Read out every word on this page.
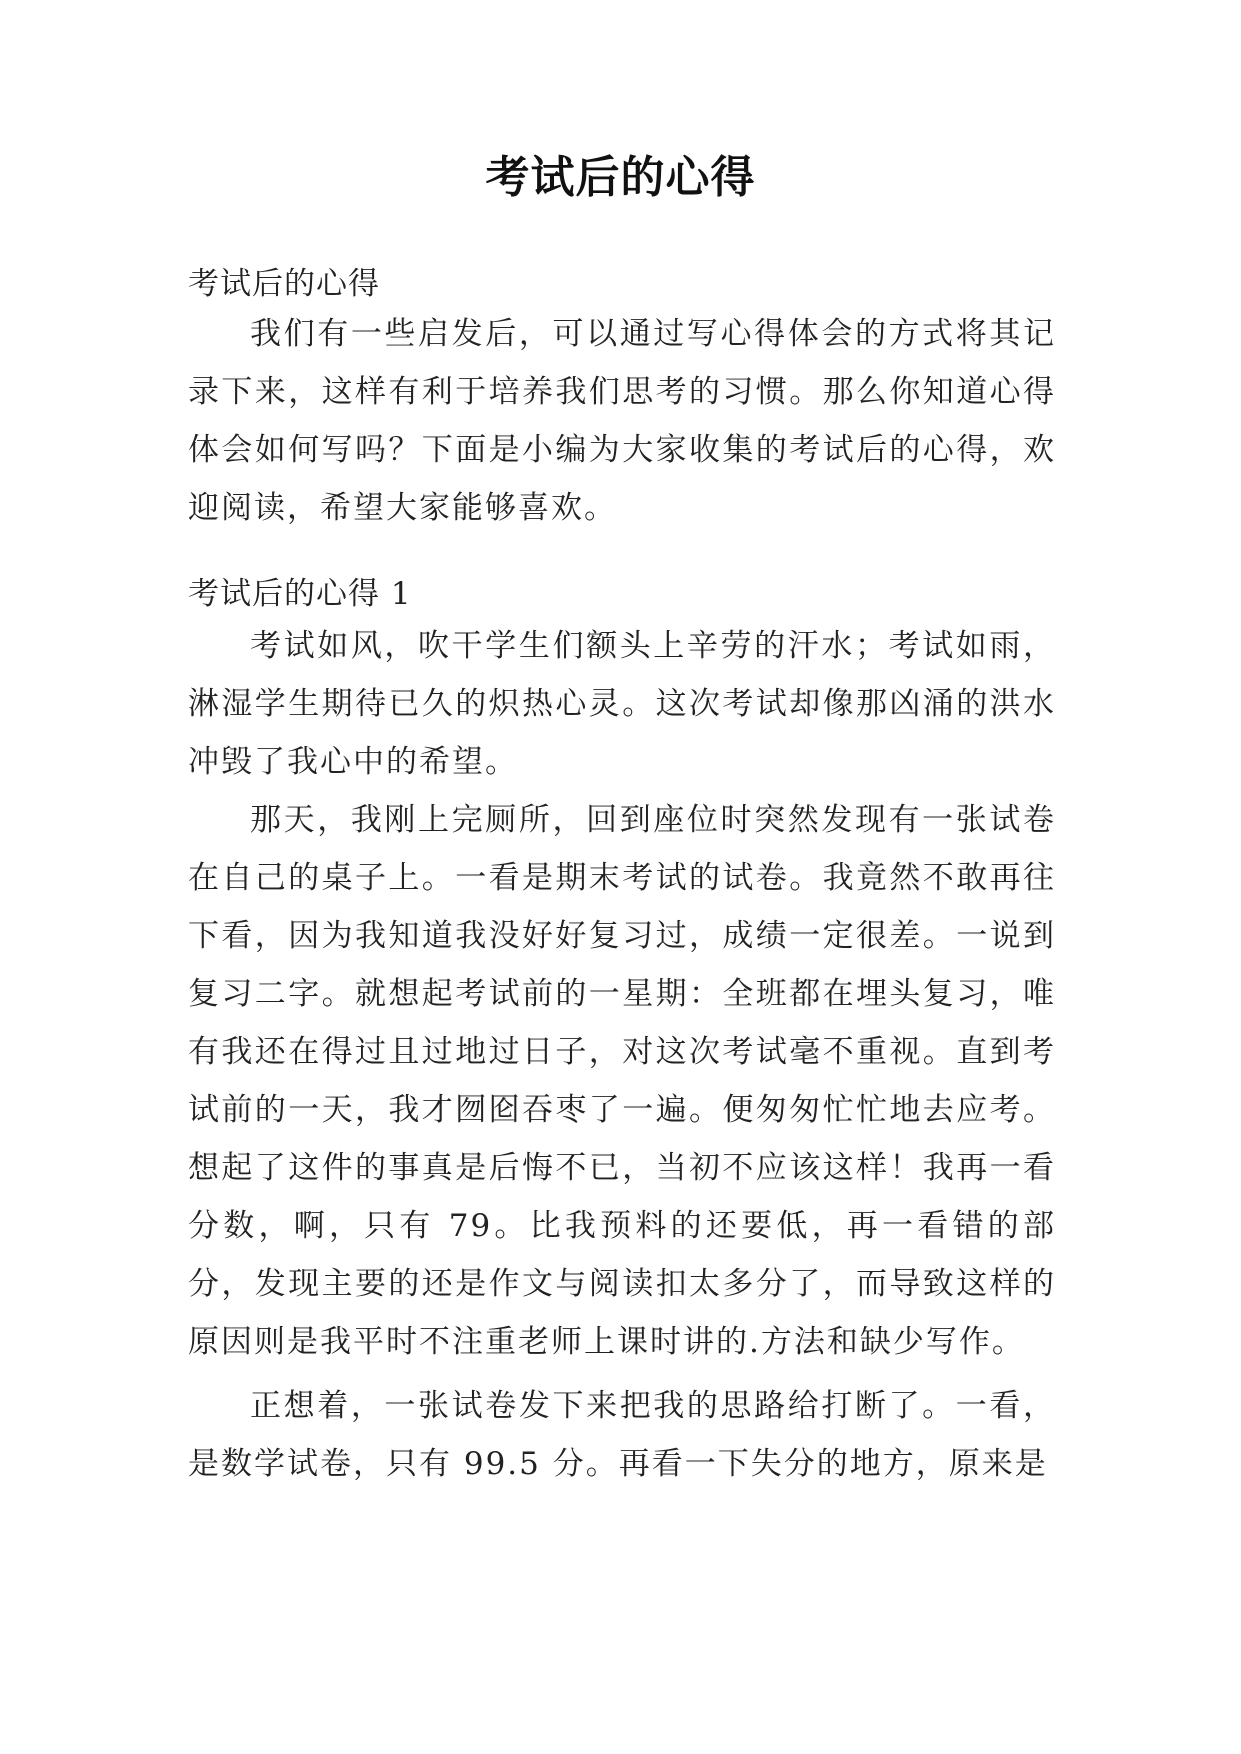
考试后的心得
考试后的心得

我们有一些启发后，可以通过写心得体会的方式将其记录下来，这样有利于培养我们思考的习惯。那么你知道心得体会如何写吗？下面是小编为大家收集的考试后的心得，欢迎阅读，希望大家能够喜欢。

考试后的心得 1

考试如风，吹干学生们额头上辛劳的汗水；考试如雨，淋湿学生期待已久的炽热心灵。这次考试却像那凶涌的洪水冲毁了我心中的希望。

那天，我刚上完厕所，回到座位时突然发现有一张试卷在自己的桌子上。一看是期末考试的试卷。我竟然不敢再往下看，因为我知道我没好好复习过，成绩一定很差。一说到复习二字。就想起考试前的一星期：全班都在埋头复习，唯有我还在得过且过地过日子，对这次考试毫不重视。直到考试前的一天，我才囫囵吞枣了一遍。便匆匆忙忙地去应考。想起了这件的事真是后悔不已，当初不应该这样！我再一看分数，啊，只有 79。比我预料的还要低，再一看错的部分，发现主要的还是作文与阅读扣太多分了，而导致这样的原因则是我平时不注重老师上课时讲的.方法和缺少写作。

正想着，一张试卷发下来把我的思路给打断了。一看，是数学试卷，只有 99.5 分。再看一下失分的地方，原来是
